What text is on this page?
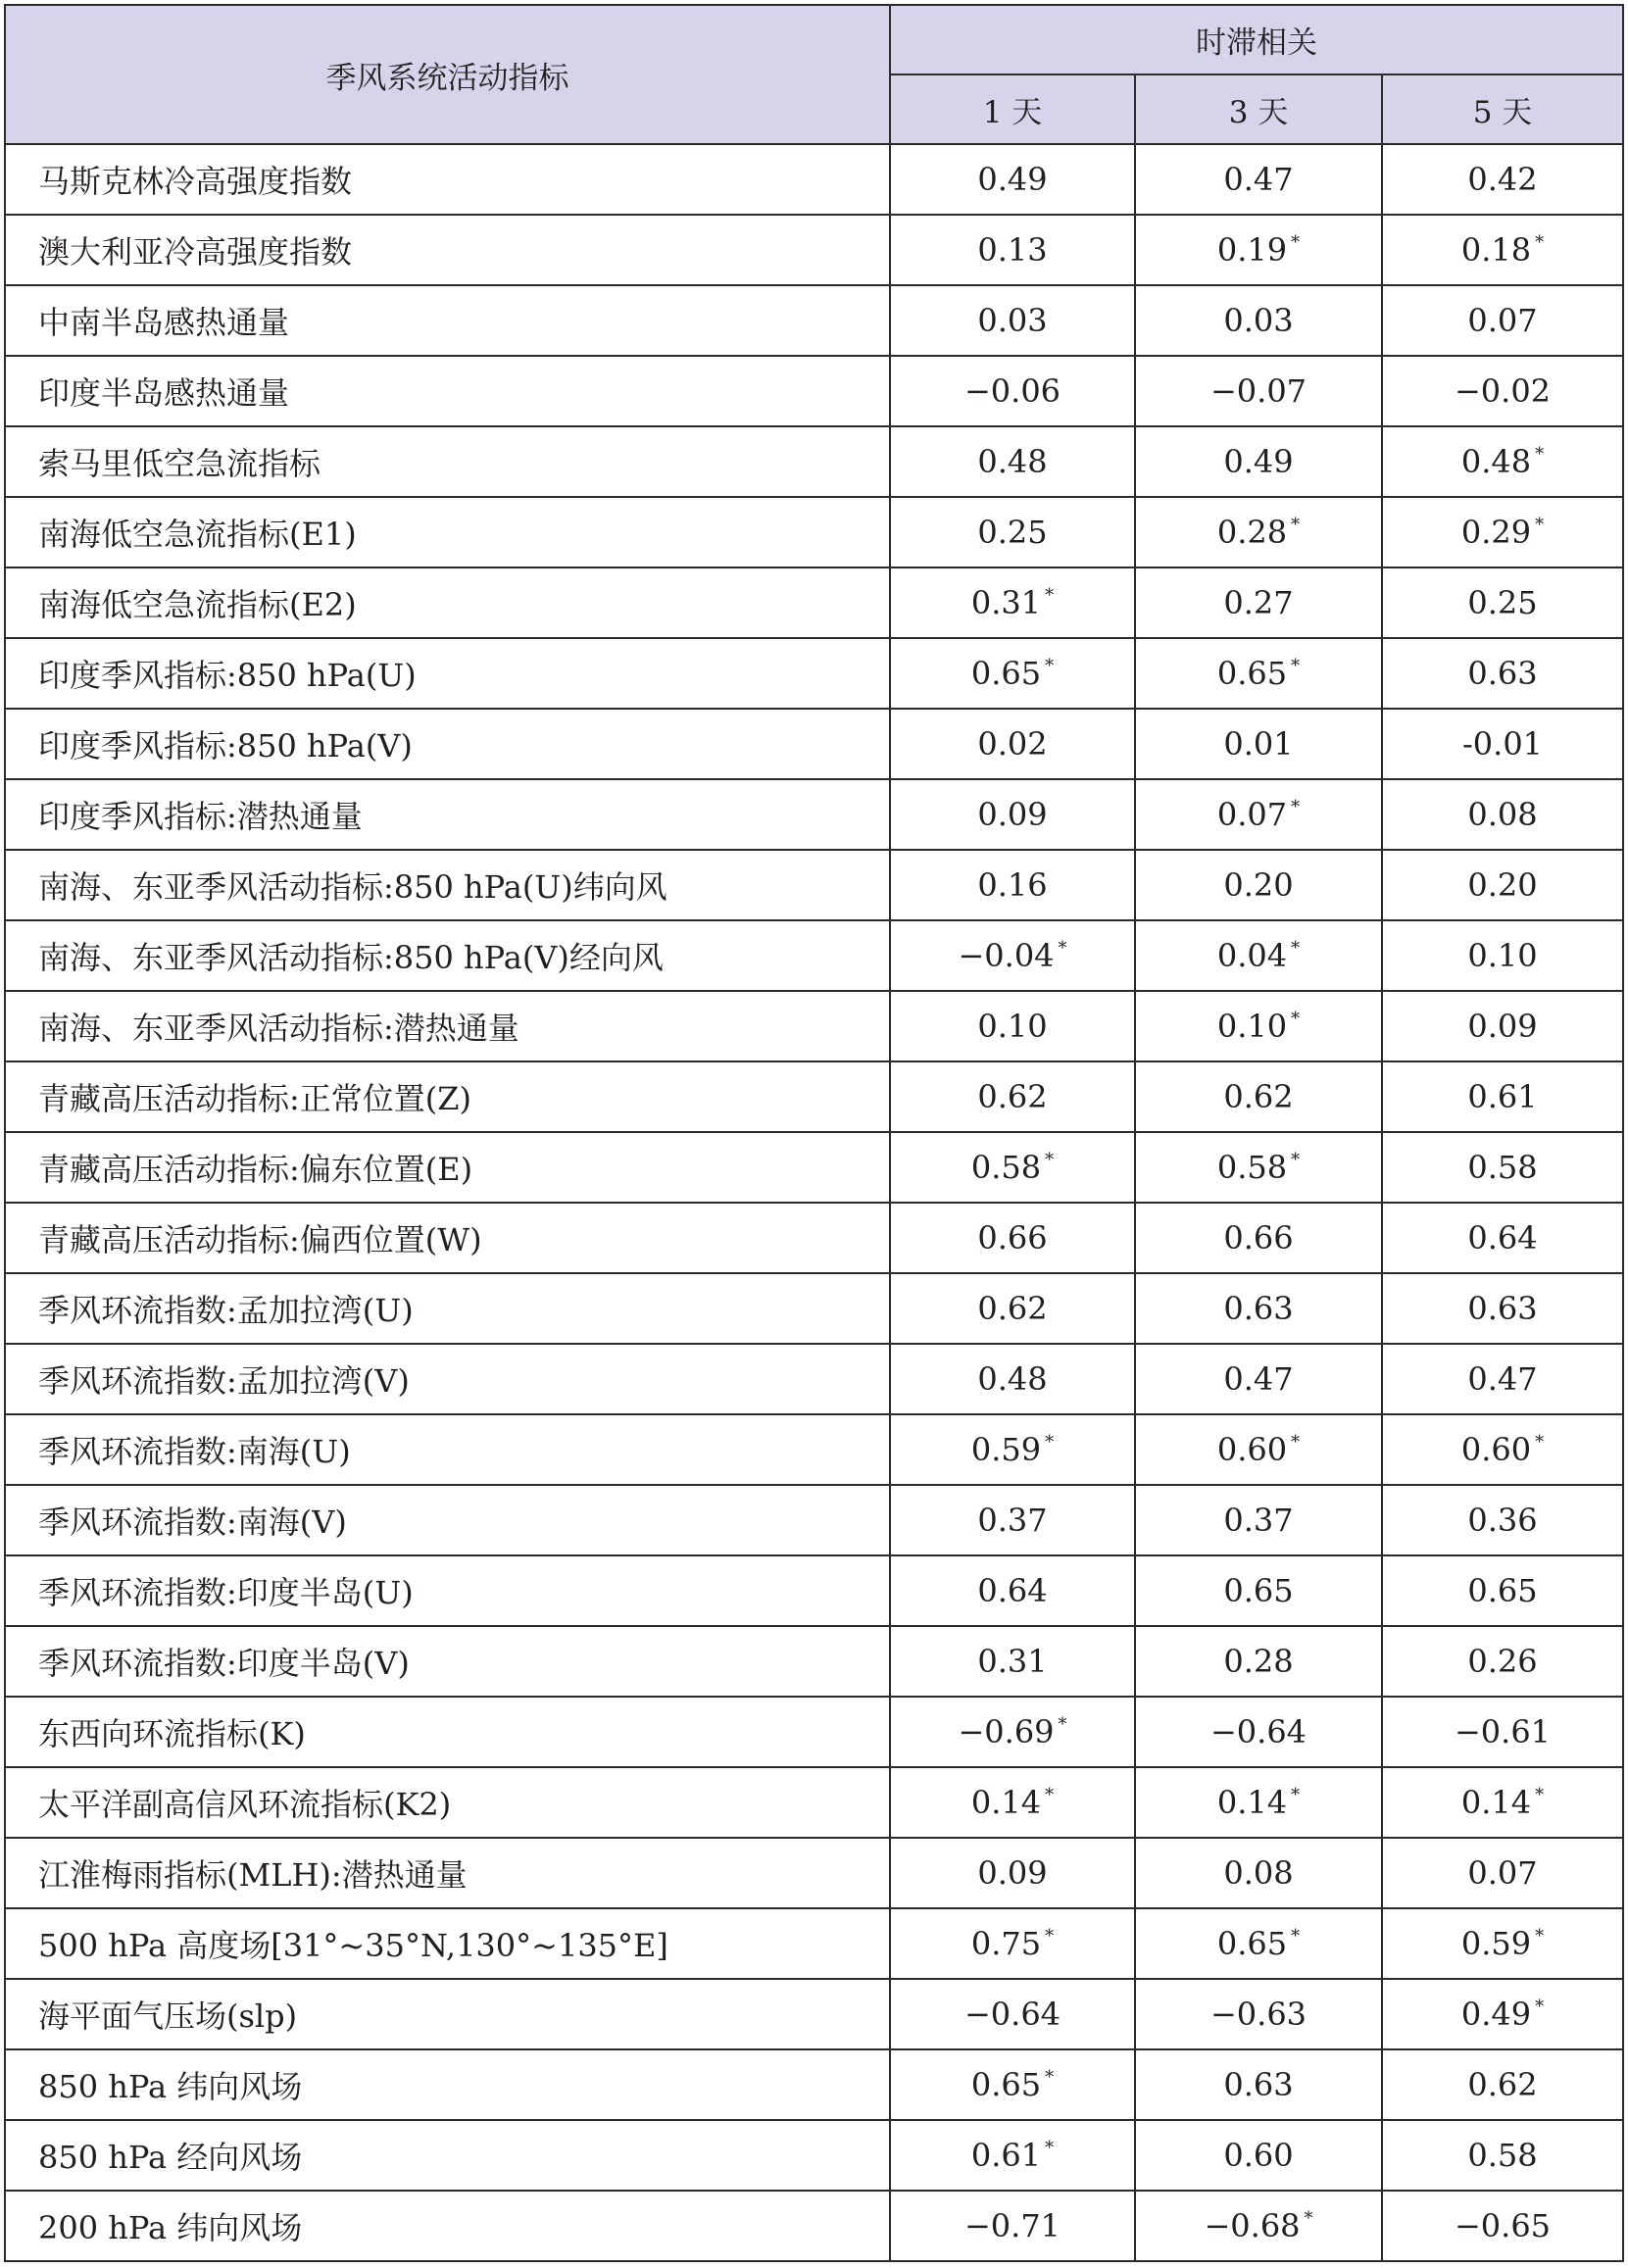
季风系统活动指标	时滞相关		
	1 天	3 天	5 天
马斯克林冷高强度指数	0.49	0.47	0.42
澳大利亚冷高强度指数	0.13	0.19 *	0.18 *
中南半岛感热通量	0.03	0.03	0.07
印度半岛感热通量	−0.06	−0.07	−0.02
索马里低空急流指标	0.48	0.49	0.48 *
南海低空急流指标(E1)	0.25	0.28 *	0.29 *
南海低空急流指标(E2)	0.31 *	0.27	0.25
印度季风指标:850 hPa(U)	0.65 *	0.65 *	0.63
印度季风指标:850 hPa(V)	0.02	0.01	-0.01
印度季风指标:潜热通量	0.09	0.07 *	0.08
南海、东亚季风活动指标:850 hPa(U)纬向风	0.16	0.20	0.20
南海、东亚季风活动指标:850 hPa(V)经向风	−0.04 *	0.04 *	0.10
南海、东亚季风活动指标:潜热通量	0.10	0.10 *	0.09
青藏高压活动指标:正常位置(Z)	0.62	0.62	0.61
青藏高压活动指标:偏东位置(E)	0.58 *	0.58 *	0.58
青藏高压活动指标:偏西位置(W)	0.66	0.66	0.64
季风环流指数:孟加拉湾(U)	0.62	0.63	0.63
季风环流指数:孟加拉湾(V)	0.48	0.47	0.47
季风环流指数:南海(U)	0.59 *	0.60 *	0.60 *
季风环流指数:南海(V)	0.37	0.37	0.36
季风环流指数:印度半岛(U)	0.64	0.65	0.65
季风环流指数:印度半岛(V)	0.31	0.28	0.26
东西向环流指标(K)	−0.69 *	−0.64	−0.61
太平洋副高信风环流指标(K2)	0.14 *	0.14 *	0.14 *
江淮梅雨指标(MLH):潜热通量	0.09	0.08	0.07
500 hPa 高度场[31°~35°N,130°~135°E]	0.75 *	0.65 *	0.59 *
海平面气压场(slp)	−0.64	−0.63	0.49 *
850 hPa 纬向风场	0.65 *	0.63	0.62
850 hPa 经向风场	0.61 *	0.60	0.58
200 hPa 纬向风场	−0.71	−0.68 *	−0.65
